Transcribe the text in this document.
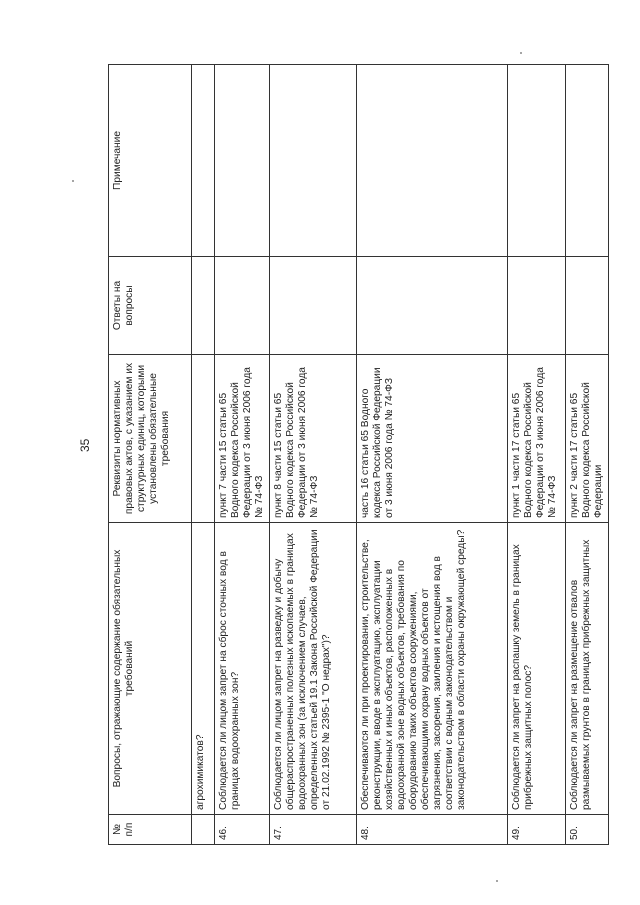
35
№ п/п	Вопросы, отражающие содержание обязательных требований	Реквизиты нормативных правовых актов, с указанием их структурных единиц, которыми установлены обязательные требования	Ответы на вопросы	Примечание
	агрохимикатов?			
46.	Соблюдается ли лицом запрет на сброс сточных вод в границах водоохранных зон?	пункт 7 части 15 статьи 65 Водного кодекса Российской Федерации от 3 июня 2006 года № 74-ФЗ		
47.	Соблюдается ли лицом запрет на разведку и добычу общераспространенных полезных ископаемых в границах водоохранных зон (за исключением случаев, определенных статьей 19.1 Закона Российской Федерации от 21.02.1992 № 2395-1 "О недрах")?	пункт 8 части 15 статьи 65 Водного кодекса Российской Федерации от 3 июня 2006 года № 74-ФЗ		
48.	Обеспечиваются ли при проектировании, строительстве, реконструкции, вводе в эксплуатацию, эксплуатации хозяйственных и иных объектов, расположенных в водоохранной зоне водных объектов, требования по оборудованию таких объектов сооружениями, обеспечивающими охрану водных объектов от загрязнения, засорения, заиления и истощения вод в соответствии с водным законодательством и законодательством в области охраны окружающей среды?	часть 16 статьи 65 Водного кодекса Российской Федерации от 3 июня 2006 года № 74-ФЗ		
49.	Соблюдается ли запрет на распашку земель в границах прибрежных защитных полос?	пункт 1 части 17 статьи 65 Водного кодекса Российской Федерации от 3 июня 2006 года № 74-ФЗ		
50.	Соблюдается ли запрет на размещение отвалов размываемых грунтов в границах прибрежных защитных	пункт 2 части 17 статьи 65 Водного кодекса Российской Федерации		
